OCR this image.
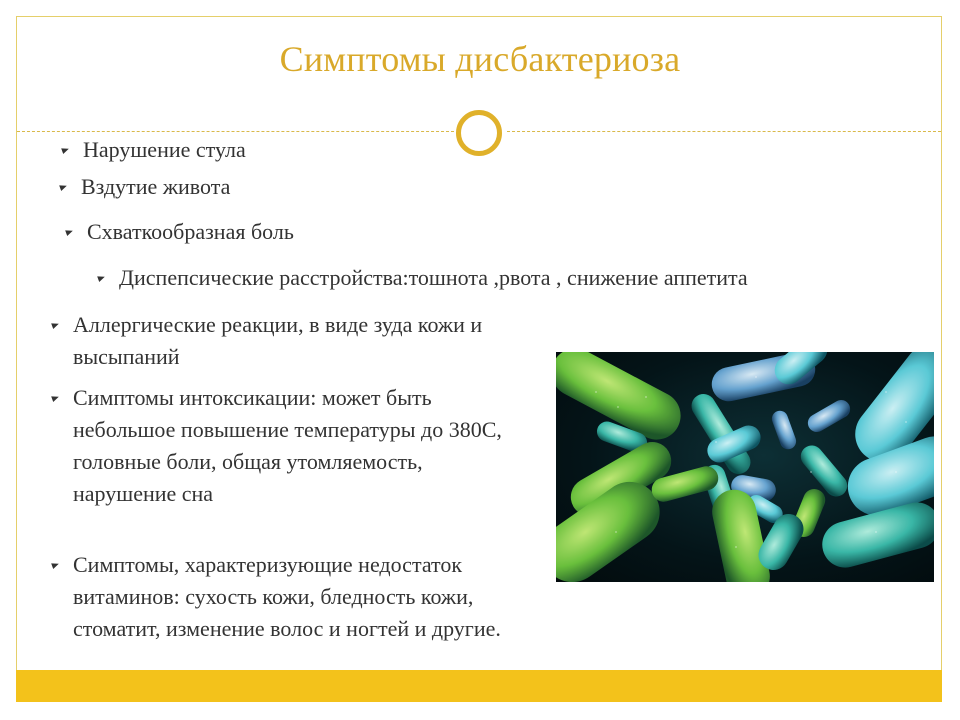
Симптомы дисбактериоза
Нарушение стула
Вздутие живота
Схваткообразная боль
Диспепсические расстройства:тошнота ,рвота , снижение аппетита
Аллергические реакции, в виде зуда кожи и высыпаний
Симптомы интоксикации: может быть небольшое повышение температуры до 380С, головные боли, общая утомляемость, нарушение сна
Симптомы, характеризующие недостаток витаминов: сухость кожи, бледность кожи, стоматит, изменение волос и ногтей и другие.
